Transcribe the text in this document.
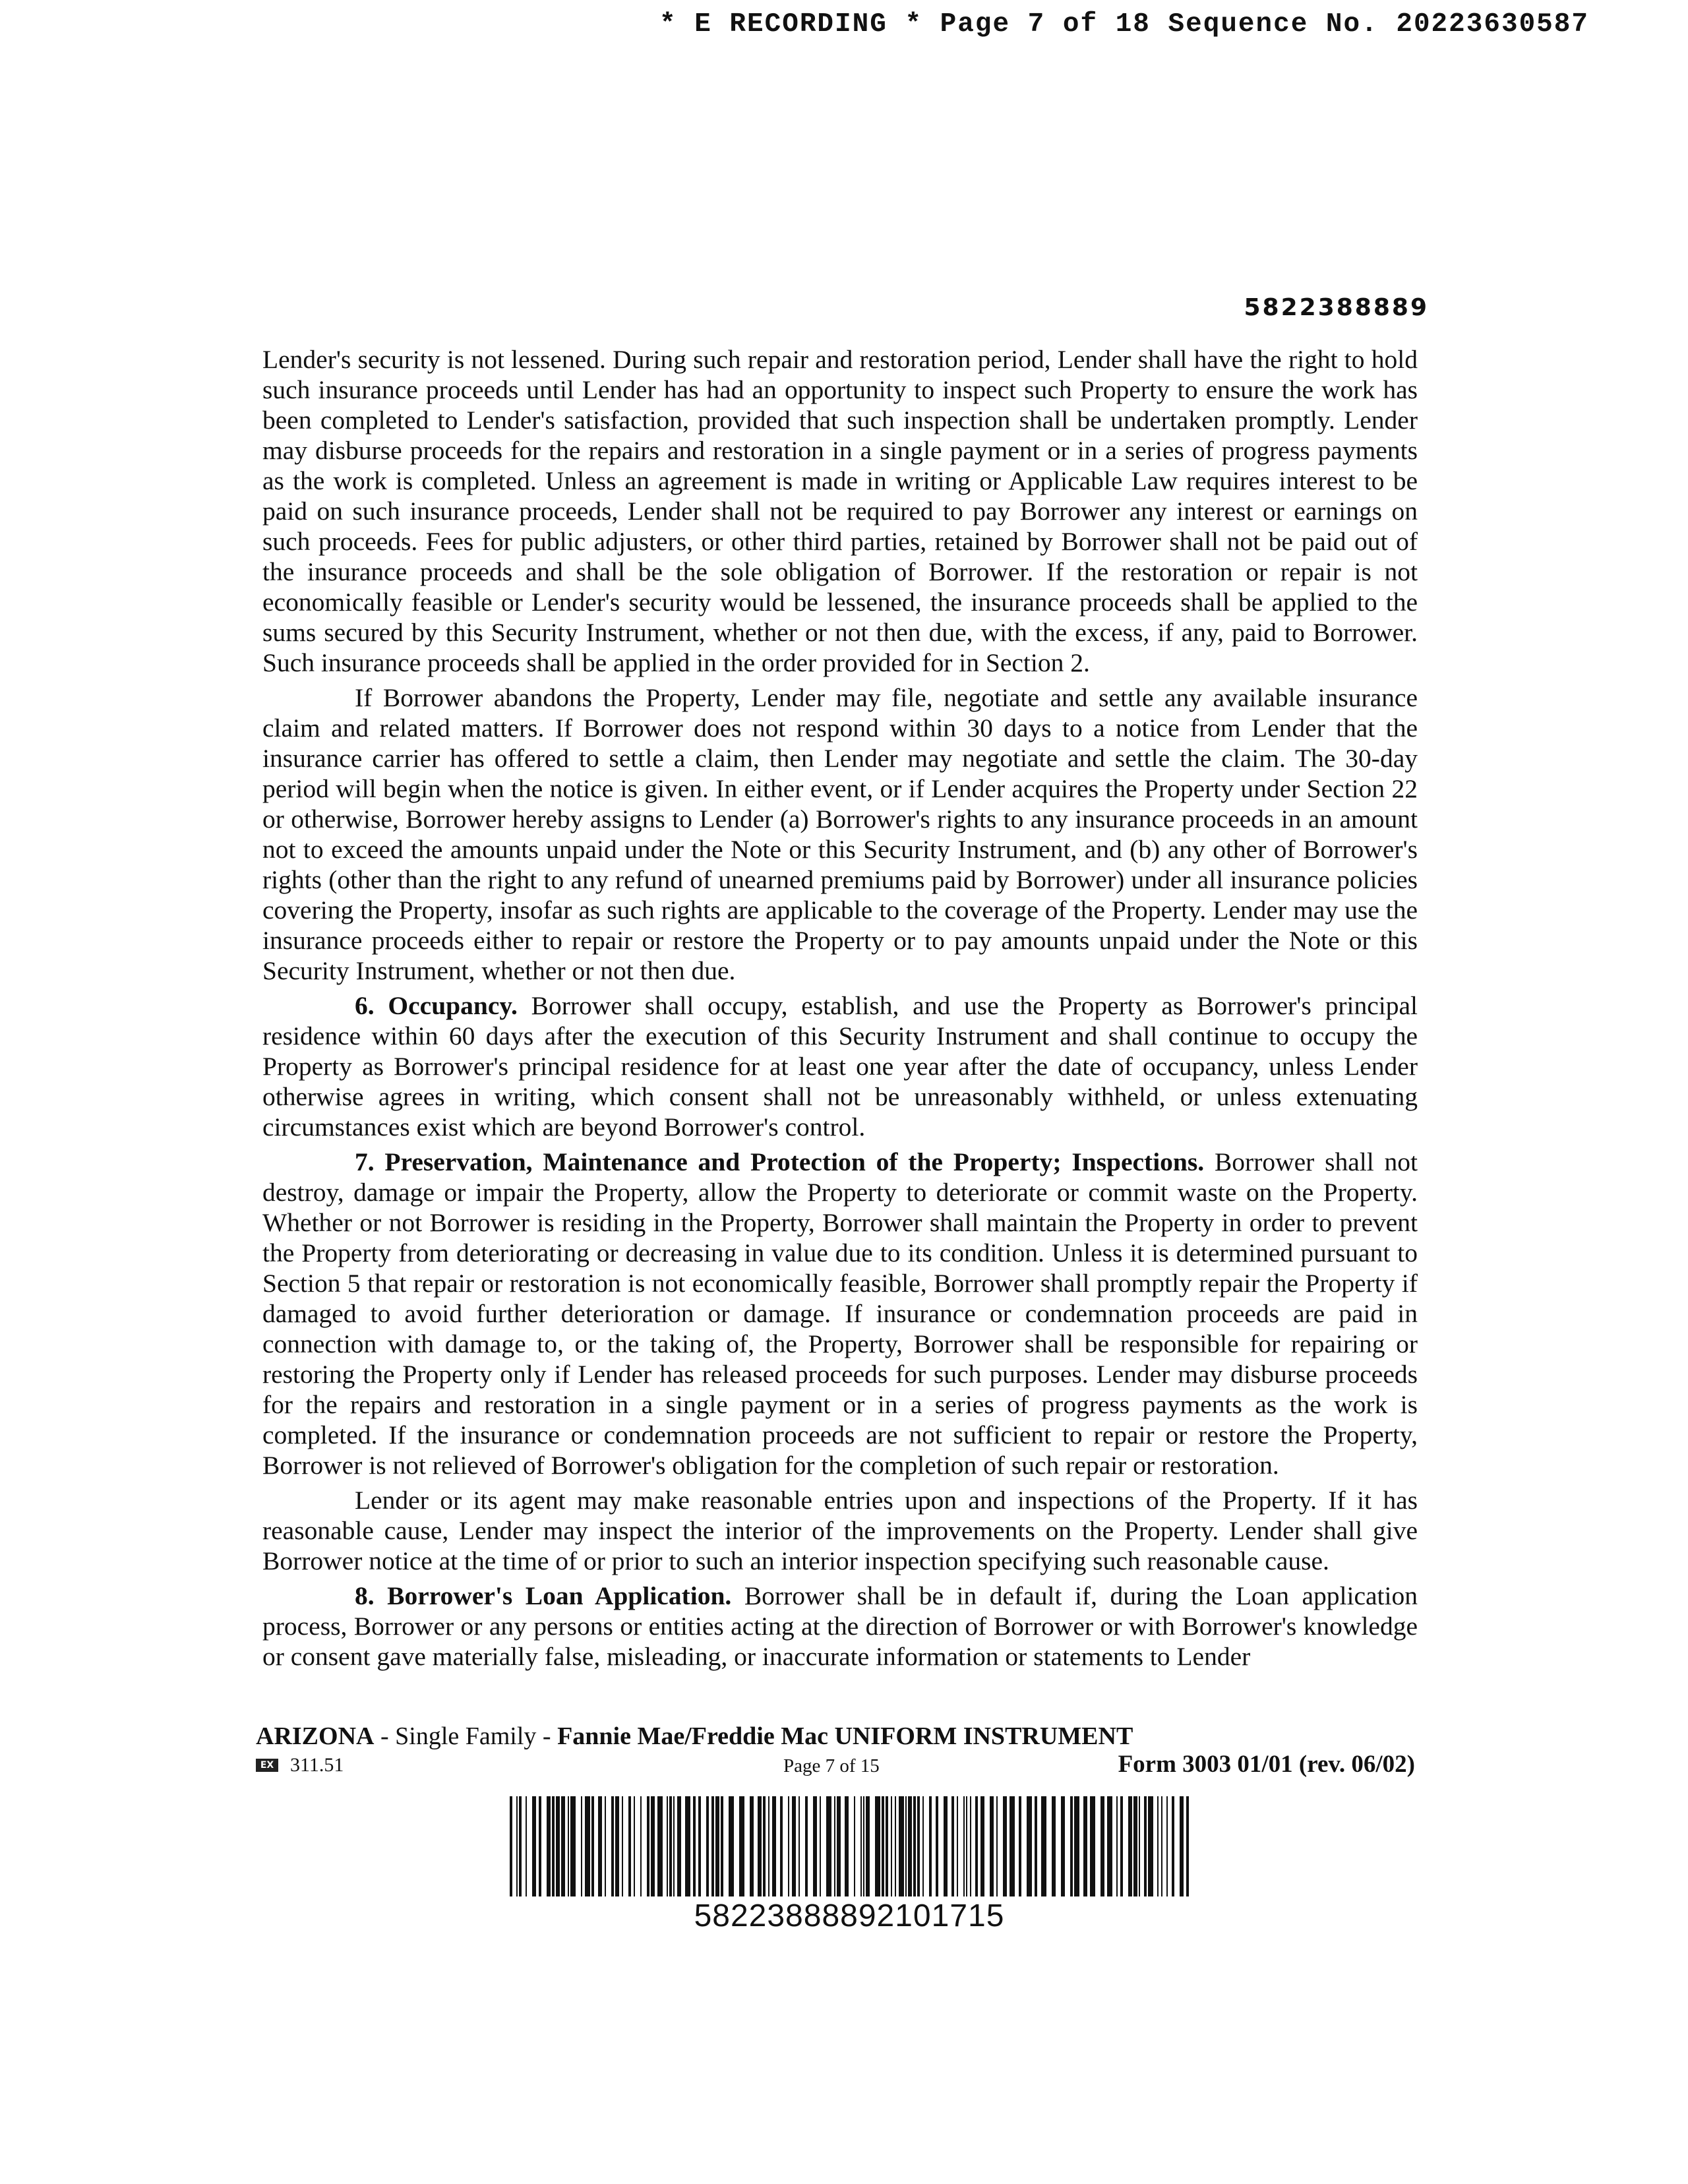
* E RECORDING * Page 7 of 18 Sequence No. 20223630587
5822388889

Lender's security is not lessened. During such repair and restoration period, Lender shall have the right to hold such insurance proceeds until Lender has had an opportunity to inspect such Property to ensure the work has been completed to Lender's satisfaction, provided that such inspection shall be undertaken promptly. Lender may disburse proceeds for the repairs and restoration in a single payment or in a series of progress payments as the work is completed. Unless an agreement is made in writing or Applicable Law requires interest to be paid on such insurance proceeds, Lender shall not be required to pay Borrower any interest or earnings on such proceeds. Fees for public adjusters, or other third parties, retained by Borrower shall not be paid out of the insurance proceeds and shall be the sole obligation of Borrower. If the restoration or repair is not economically feasible or Lender's security would be lessened, the insurance proceeds shall be applied to the sums secured by this Security Instrument, whether or not then due, with the excess, if any, paid to Borrower. Such insurance proceeds shall be applied in the order provided for in Section 2.

If Borrower abandons the Property, Lender may file, negotiate and settle any available insurance claim and related matters. If Borrower does not respond within 30 days to a notice from Lender that the insurance carrier has offered to settle a claim, then Lender may negotiate and settle the claim. The 30-day period will begin when the notice is given. In either event, or if Lender acquires the Property under Section 22 or otherwise, Borrower hereby assigns to Lender (a) Borrower's rights to any insurance proceeds in an amount not to exceed the amounts unpaid under the Note or this Security Instrument, and (b) any other of Borrower's rights (other than the right to any refund of unearned premiums paid by Borrower) under all insurance policies covering the Property, insofar as such rights are applicable to the coverage of the Property. Lender may use the insurance proceeds either to repair or restore the Property or to pay amounts unpaid under the Note or this Security Instrument, whether or not then due.

6. Occupancy. Borrower shall occupy, establish, and use the Property as Borrower's principal residence within 60 days after the execution of this Security Instrument and shall continue to occupy the Property as Borrower's principal residence for at least one year after the date of occupancy, unless Lender otherwise agrees in writing, which consent shall not be unreasonably withheld, or unless extenuating circumstances exist which are beyond Borrower's control.

7. Preservation, Maintenance and Protection of the Property; Inspections. Borrower shall not destroy, damage or impair the Property, allow the Property to deteriorate or commit waste on the Property. Whether or not Borrower is residing in the Property, Borrower shall maintain the Property in order to prevent the Property from deteriorating or decreasing in value due to its condition. Unless it is determined pursuant to Section 5 that repair or restoration is not economically feasible, Borrower shall promptly repair the Property if damaged to avoid further deterioration or damage. If insurance or condemnation proceeds are paid in connection with damage to, or the taking of, the Property, Borrower shall be responsible for repairing or restoring the Property only if Lender has released proceeds for such purposes. Lender may disburse proceeds for the repairs and restoration in a single payment or in a series of progress payments as the work is completed. If the insurance or condemnation proceeds are not sufficient to repair or restore the Property, Borrower is not relieved of Borrower's obligation for the completion of such repair or restoration.

Lender or its agent may make reasonable entries upon and inspections of the Property. If it has reasonable cause, Lender may inspect the interior of the improvements on the Property. Lender shall give Borrower notice at the time of or prior to such an interior inspection specifying such reasonable cause.

8. Borrower's Loan Application. Borrower shall be in default if, during the Loan application process, Borrower or any persons or entities acting at the direction of Borrower or with Borrower's knowledge or consent gave materially false, misleading, or inaccurate information or statements to Lender

ARIZONA - Single Family - Fannie Mae/Freddie Mac UNIFORM INSTRUMENT
EX 311.51	Page 7 of 15	Form 3003 01/01 (rev. 06/02)
58223888892101715
